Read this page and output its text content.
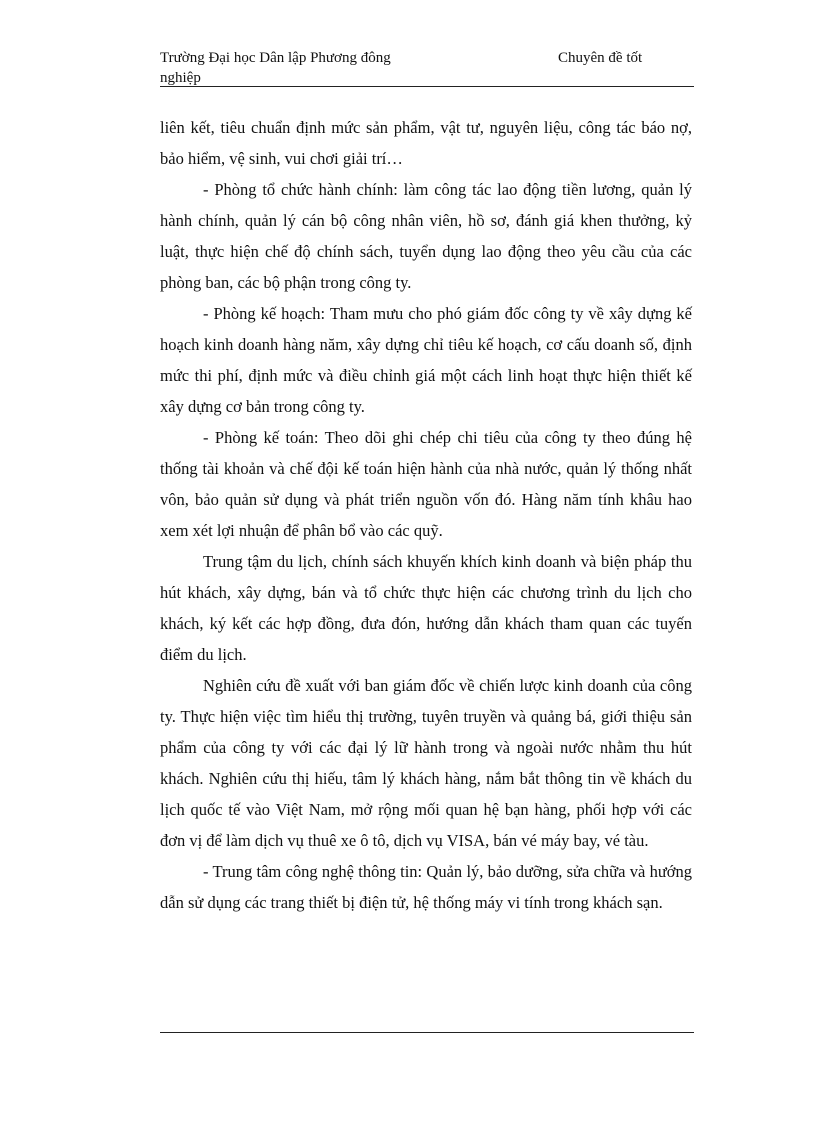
Trường Đại học Dân lập Phương đông
nghiệp
Chuyên đề tốt

liên kết, tiêu chuẩn định mức sản phẩm, vật tư, nguyên liệu, công tác báo nợ, bảo hiểm, vệ sinh, vui chơi giải trí…

- Phòng tổ chức hành chính: làm công tác lao động tiền lương, quản lý hành chính, quản lý cán bộ công nhân viên, hồ sơ, đánh giá khen thưởng, kỷ luật, thực hiện chế độ chính sách, tuyển dụng lao động theo yêu cầu của các phòng ban, các bộ phận trong công ty.

- Phòng kế hoạch: Tham mưu cho phó giám đốc công ty về xây dựng kế hoạch kinh doanh hàng năm, xây dựng chỉ tiêu kế hoạch, cơ cấu doanh số, định mức thi phí, định mức và điều chỉnh giá một cách linh hoạt thực hiện thiết kế xây dựng cơ bản trong công ty.

- Phòng kế toán: Theo dõi ghi chép chi tiêu của công ty theo đúng hệ thống tài khoản và chế đội kế toán hiện hành của nhà nước, quản lý thống nhất vôn, bảo quản sử dụng và phát triển nguồn vốn đó. Hàng năm tính khâu hao xem xét lợi nhuận để phân bổ vào các quỹ.

Trung tậm du lịch, chính sách khuyến khích kinh doanh và biện pháp thu hút khách, xây dựng, bán và tổ chức thực hiện các chương trình du lịch cho khách, ký kết các hợp đồng, đưa đón, hướng dẫn khách tham quan các tuyến điểm du lịch.

Nghiên cứu đề xuất với ban giám đốc về chiến lược kinh doanh của công ty. Thực hiện việc tìm hiểu thị trường, tuyên truyền và quảng bá, giới thiệu sản phẩm của công ty với các đại lý lữ hành trong và ngoài nước nhằm thu hút khách. Nghiên cứu thị hiếu, tâm lý khách hàng, nắm bắt thông tin về khách du lịch quốc tế vào Việt Nam, mở rộng mối quan hệ bạn hàng, phối hợp với các đơn vị để làm dịch vụ thuê xe ô tô, dịch vụ VISA, bán vé máy bay, vé tàu.

- Trung tâm công nghệ thông tin: Quản lý, bảo dưỡng, sửa chữa và hướng dẫn sử dụng các trang thiết bị điện tử, hệ thống máy vi tính trong khách sạn.
